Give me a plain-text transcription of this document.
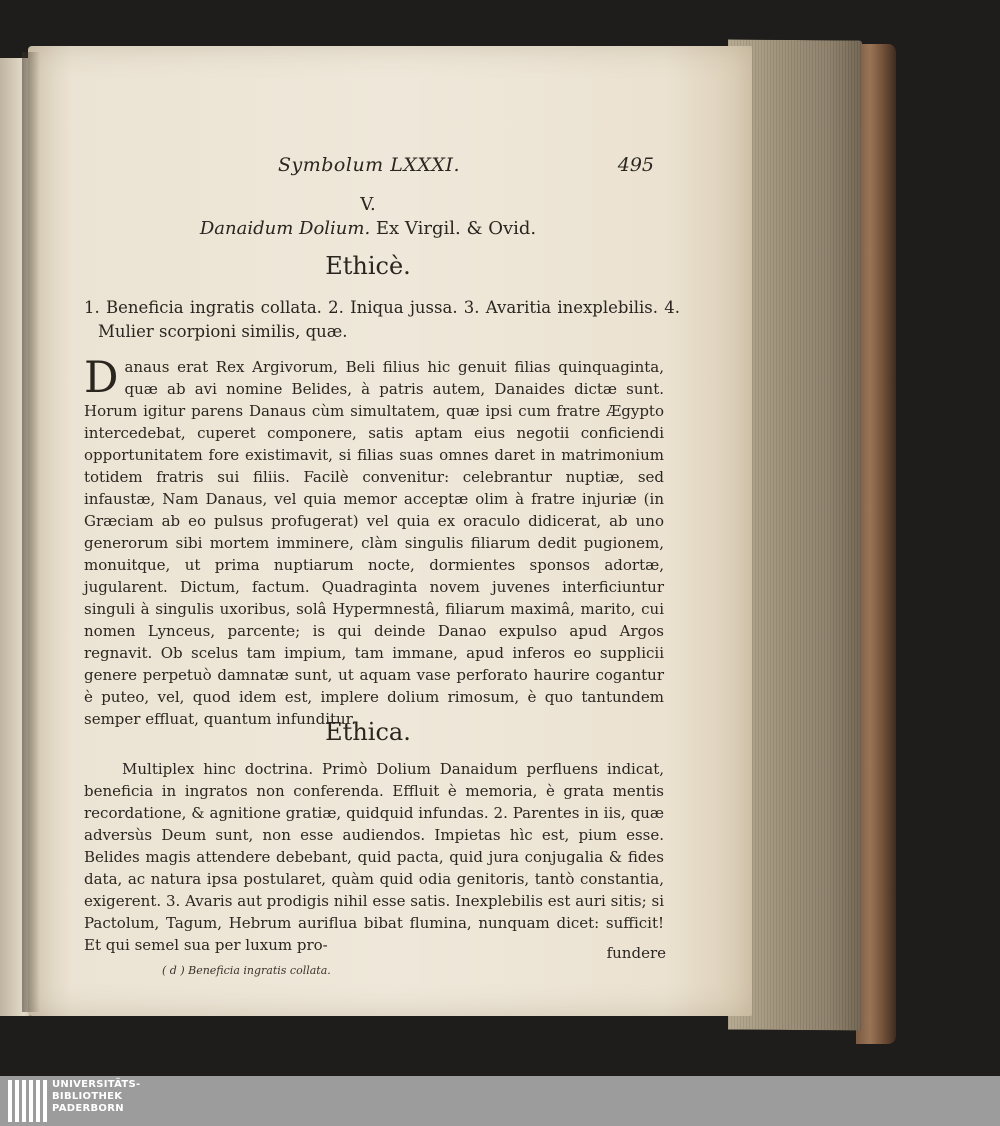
Symbolum LXXXI.	495
V.
Danaidum Dolium. Ex Virgil. & Ovid.
Ethicè.
1. Beneficia ingratis collata. 2. Iniqua jussa. 3. Avaritia inexplebilis. 4. Mulier scorpioni similis, quæ.
Danaus erat Rex Argivorum, Beli filius hic genuit filias quinquaginta, quæ ab avi nomine Belides, à patris autem, Danaides dictæ sunt. Horum igitur parens Danaus cùm simultatem, quæ ipsi cum fratre Ægypto intercedebat, cuperet componere, satis aptam eius negotii conficiendi opportunitatem fore existimavit, si filias suas omnes daret in matrimonium totidem fratris sui filiis. Facilè convenitur: celebrantur nuptiæ, sed infaustæ, Nam Danaus, vel quia memor acceptæ olim à fratre injuriæ (in Græciam ab eo pulsus profugerat) vel quia ex oraculo didicerat, ab uno generorum sibi mortem imminere, clàm singulis filiarum dedit pugionem, monuitque, ut prima nuptiarum nocte, dormientes sponsos adortæ, jugularent. Dictum, factum. Quadraginta novem juvenes interficiuntur singuli à singulis uxoribus, solâ Hypermnestâ, filiarum maximâ, marito, cui nomen Lynceus, parcente; is qui deinde Danao expulso apud Argos regnavit. Ob scelus tam impium, tam immane, apud inferos eo supplicii genere perpetuò damnatæ sunt, ut aquam vase perforato haurire cogantur è puteo, vel, quod idem est, implere dolium rimosum, è quo tantundem semper effluat, quantum infunditur.
Ethica.
Multiplex hinc doctrina. Primò Dolium Danaidum perfluens indicat, beneficia in ingratos non conferenda. Effluit è memoria, è grata mentis recordatione, & agnitione gratiæ, quidquid infundas. 2. Parentes in iis, quæ adversùs Deum sunt, non esse audiendos. Impietas hìc est, pium esse. Belides magis attendere debebant, quid pacta, quid jura conjugalia & fides data, ac natura ipsa postularet, quàm quid odia genitoris, tantò constantia, exigerent. 3. Avaris aut prodigis nihil esse satis. Inexplebilis est auri sitis; si Pactolum, Tagum, Hebrum auriflua bibat flumina, nunquam dicet: sufficit! Et qui semel sua per luxum pro-	fundere
( d ) Beneficia ingratis collata.
UNIVERSITÄTS-
BIBLIOTHEK
PADERBORN
